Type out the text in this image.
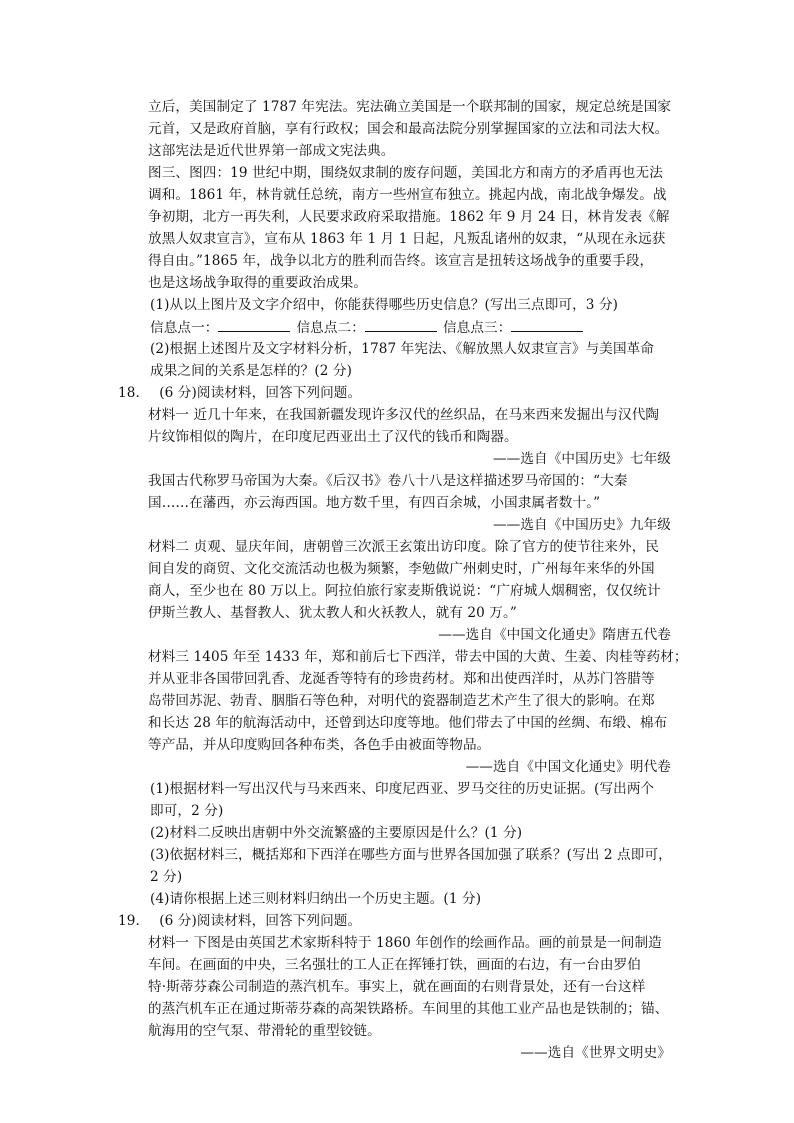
立后，美国制定了 1787 年宪法。宪法确立美国是一个联邦制的国家，规定总统是国家
元首，又是政府首脑，享有行政权；国会和最高法院分别掌握国家的立法和司法大权。
这部宪法是近代世界第一部成文宪法典。
图三、图四：19 世纪中期，围绕奴隶制的废存问题，美国北方和南方的矛盾再也无法
调和。1861 年，林肯就任总统，南方一些州宣布独立。挑起内战，南北战争爆发。战
争初期，北方一再失利，人民要求政府采取措施。1862 年 9 月 24 日，林肯发表《解
放黑人奴隶宣言》，宣布从 1863 年 1 月 1 日起，凡叛乱诸州的奴隶，“从现在永远获
得自由。”1865 年，战争以北方的胜利而告终。该宣言是扭转这场战争的重要手段，
也是这场战争取得的重要政治成果。
(1)从以上图片及文字介绍中，你能获得哪些历史信息？(写出三点即可，3 分)
信息点一：	信息点二：	信息点三：
(2)根据上述图片及文字材料分析，1787 年宪法、《解放黑人奴隶宣言》与美国革命
成果之间的关系是怎样的？(2 分)
18． (6 分)阅读材料，回答下列问题。
材料一 近几十年来，在我国新疆发现许多汉代的丝织品，在马来西来发掘出与汉代陶
片纹饰相似的陶片，在印度尼西亚出土了汉代的钱币和陶器。
——选自《中国历史》七年级
我国古代称罗马帝国为大秦。《后汉书》卷八十八是这样描述罗马帝国的：“大秦
国……在藩西，亦云海西国。地方数千里，有四百余城，小国隶属者数十。”
——选自《中国历史》九年级
材料二 贞观、显庆年间，唐朝曾三次派王玄策出访印度。除了官方的使节往来外，民
间自发的商贸、文化交流活动也极为频繁，李勉做广州刺史时，广州每年来华的外国
商人，至少也在 80 万以上。阿拉伯旅行家麦斯俄说说：“广府城人烟稠密，仅仅统计
伊斯兰教人、基督教人、犹太教人和火袄教人，就有 20 万。”
——选自《中国文化通史》隋唐五代卷
材料三 1405 年至 1433 年，郑和前后七下西洋，带去中国的大黄、生姜、肉桂等药材；
并从亚非各国带回乳香、龙涎香等特有的珍贵药材。郑和出使西洋时，从苏门答腊等
岛带回苏泥、勃青、胭脂石等色种，对明代的瓷器制造艺术产生了很大的影响。在郑
和长达 28 年的航海活动中，还曾到达印度等地。他们带去了中国的丝绸、布缎、棉布
等产品，并从印度购回各种布类，各色手由被面等物品。
——选自《中国文化通史》明代卷
(1)根据材料一写出汉代与马来西来、印度尼西亚、罗马交往的历史证据。(写出两个
即可，2 分)
(2)材料二反映出唐朝中外交流繁盛的主要原因是什么？(1 分)
(3)依据材料三，概括郑和下西洋在哪些方面与世界各国加强了联系？(写出 2 点即可，
2 分)
(4)请你根据上述三则材料归纳出一个历史主题。(1 分)
19． (6 分)阅读材料，回答下列问题。
材料一 下图是由英国艺术家斯科特于 1860 年创作的绘画作品。画的前景是一间制造
车间。在画面的中央，三名强壮的工人正在挥锤打铁，画面的右边，有一台由罗伯
特·斯蒂芬森公司制造的蒸汽机车。事实上，就在画面的右则背景处，还有一台这样
的蒸汽机车正在通过斯蒂芬森的高架铁路桥。车间里的其他工业产品也是铁制的；锚、
航海用的空气泵、带滑轮的重型铰链。
——选自《世界文明史》
